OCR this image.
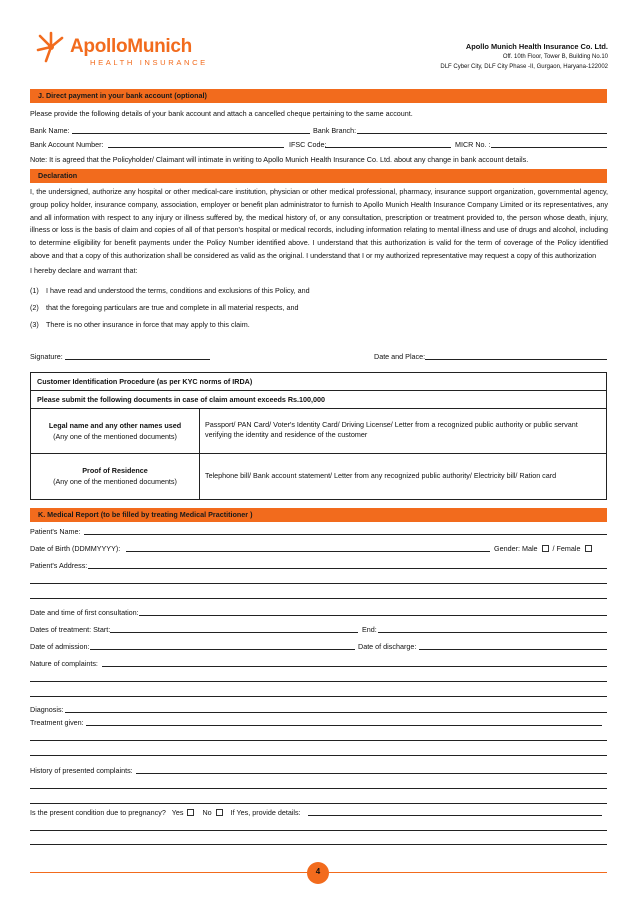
ApolloMunich
HEALTH INSURANCE
Apollo Munich Health Insurance Co. Ltd.
Off. 10th Floor, Tower B, Building No.10
DLF Cyber City, DLF City Phase -II, Gurgaon, Haryana-122002
J. Direct payment in your bank account (optional)
Please provide the following details of your bank account and attach a cancelled cheque pertaining to the same account.
Bank Name:	Bank Branch:
Bank Account Number:	IFSC Code:	MICR No. :
Note: It is agreed that the Policyholder/ Claimant will intimate in writing to Apollo Munich Health Insurance Co. Ltd. about any change in bank account details.
Declaration
I, the undersigned, authorize any hospital or other medical-care institution, physician or other medical professional, pharmacy, insurance support organization, governmental agency, group policy holder, insurance company, association, employer or benefit plan administrator to furnish to Apollo Munich Health Insurance Company Limited or its representatives, any and all information with respect to any injury or illness suffered by, the medical history of, or any consultation, prescription or treatment provided to, the person whose death, injury, illness or loss is the basis of claim and copies of all of that person's hospital or medical records, including information relating to mental illness and use of drugs and alcohol, including to determine eligibility for benefit payments under the Policy Number identified above. I understand that this authorization is valid for the term of coverage of the Policy identified above and that a copy of this authorization shall be considered as valid as the original. I understand that I or my authorized representative may request a copy of this authorization
I hereby declare and warrant that:
(1) I have read and understood the terms, conditions and exclusions of this Policy, and
(2) that the foregoing particulars are true and complete in all material respects, and
(3) There is no other insurance in force that may apply to this claim.
Signature:	Date and Place:
Customer Identification Procedure (as per KYC norms of IRDA)
Please submit the following documents in case of claim amount exceeds Rs.100,000
Legal name and any other names used
(Any one of the mentioned documents)
Passport/ PAN Card/ Voter's Identity Card/ Driving License/ Letter from a recognized public authority or public servant verifying the identity and residence of the customer
Proof of Residence
(Any one of the mentioned documents)
Telephone bill/ Bank account statement/ Letter from any recognized public authority/ Electricity bill/ Ration card
K. Medical Report (to be filled by treating Medical Practitioner )
Patient's Name:
Date of Birth (DDMMYYYY):	Gender: Male / Female
Patient's Address:
Date and time of first consultation:
Dates of treatment: Start:	End:
Date of admission:	Date of discharge:
Nature of complaints:
Diagnosis:
Treatment given:
History of presented complaints:
Is the present condition due to pregnancy? Yes	No	If Yes, provide details:
4
